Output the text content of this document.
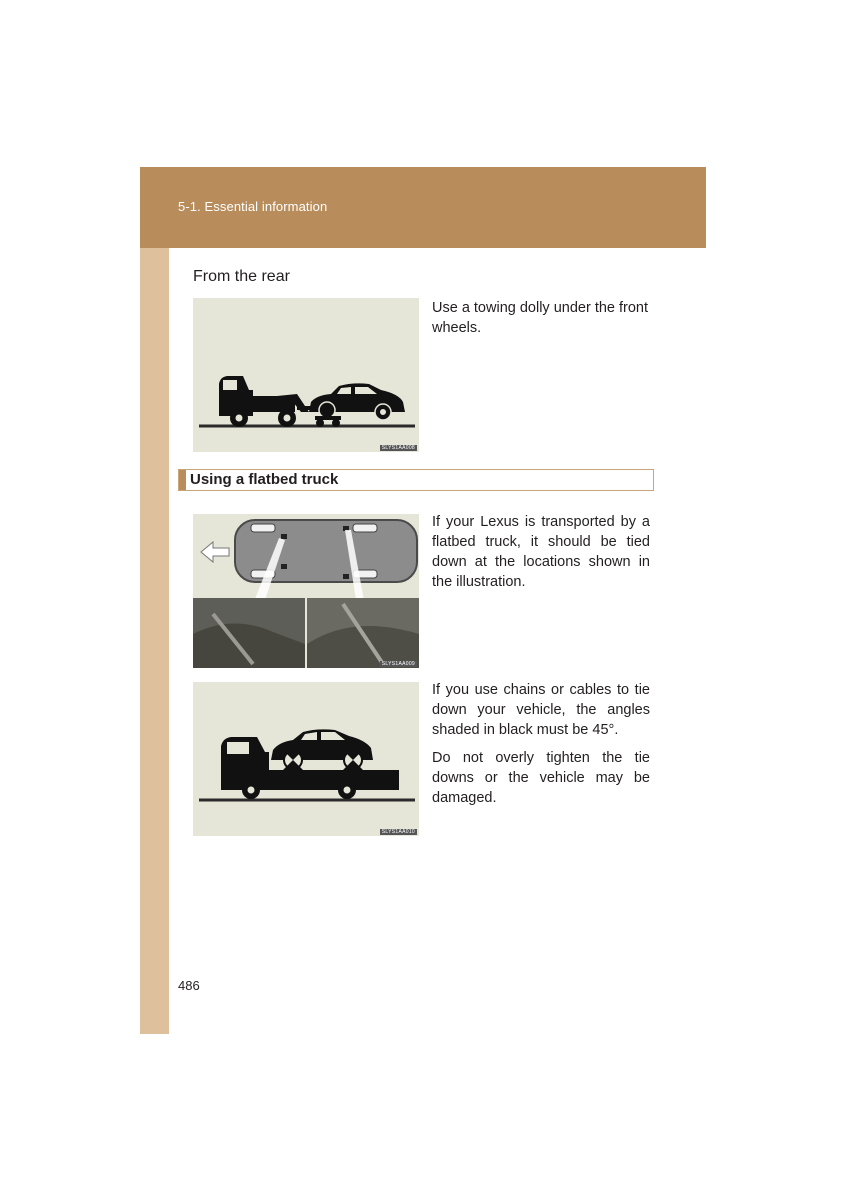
5-1. Essential information
From the rear
SLYS1AA008
Use a towing dolly under the front wheels.
Using a flatbed truck
SLYS1AA009
If your Lexus is transported by a flatbed truck, it should be tied down at the locations shown in the illustration.
SLYS1AA010
If you use chains or cables to tie down your vehicle, the angles shaded in black must be 45°.
Do not overly tighten the tie downs or the vehicle may be damaged.
486
